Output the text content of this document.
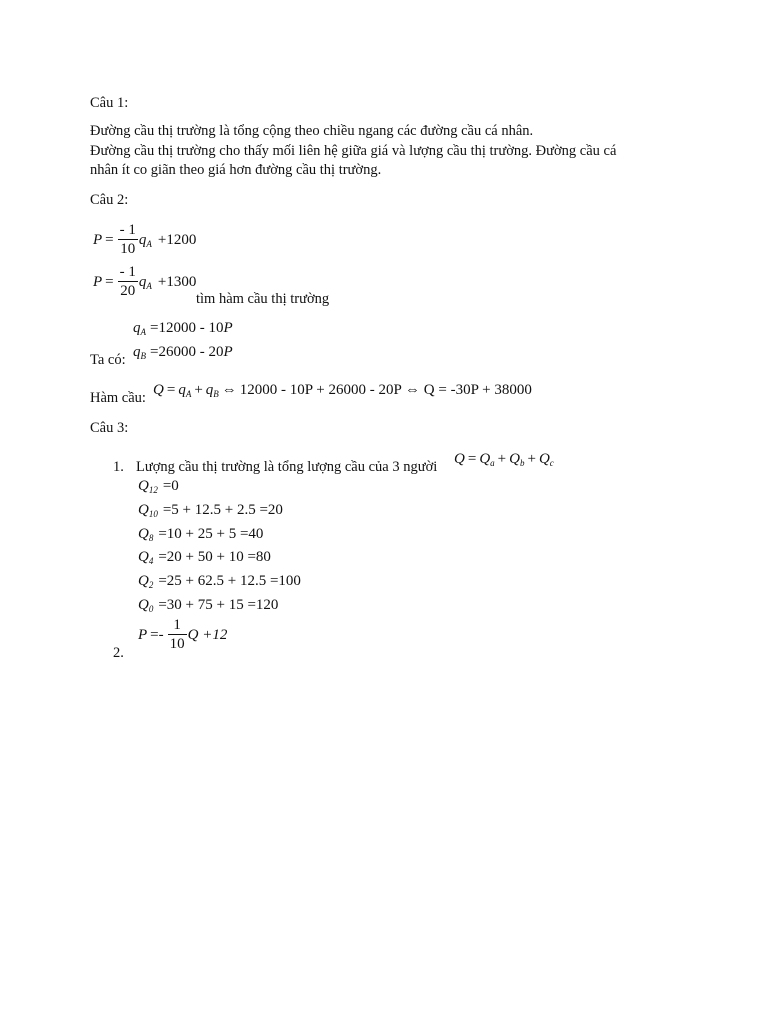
Câu 1:
Đường cầu thị trường là tổng cộng theo chiều ngang các đường cầu cá nhân.
Đường cầu thị trường cho thấy mối liên hệ giữa giá và lượng cầu thị trường. Đường cầu cá
nhân ít co giãn theo giá hơn đường cầu thị trường.
Câu 2:
$P = \frac{- 1}{10} q_A +1200$
$P = \frac{- 1}{20} q_A +1300$
tìm hàm cầu thị trường
$q_A =12000 - 10P$
Ta có: $q_B =26000 - 20P$
Hàm cầu: $Q = q_A + q_B$ ⇔ 12000 - 10P + 26000 - 20P ⇔ Q = -30P + 38000
Câu 3:
1. Lượng cầu thị trường là tổng lượng cầu của 3 người $Q = Q_a + Q_b + Q_c$
$Q_{12} =0$
$Q_{10} =5 + 12.5 + 2.5 =20$
$Q_8 =10 + 25 + 5 =40$
$Q_4 =20 + 50 + 10 =80$
$Q_2 =25 + 62.5 + 12.5 =100$
$Q_0 =30 + 75 + 15 =120$
2.
$P =- \frac{1}{10}$ Q +12
